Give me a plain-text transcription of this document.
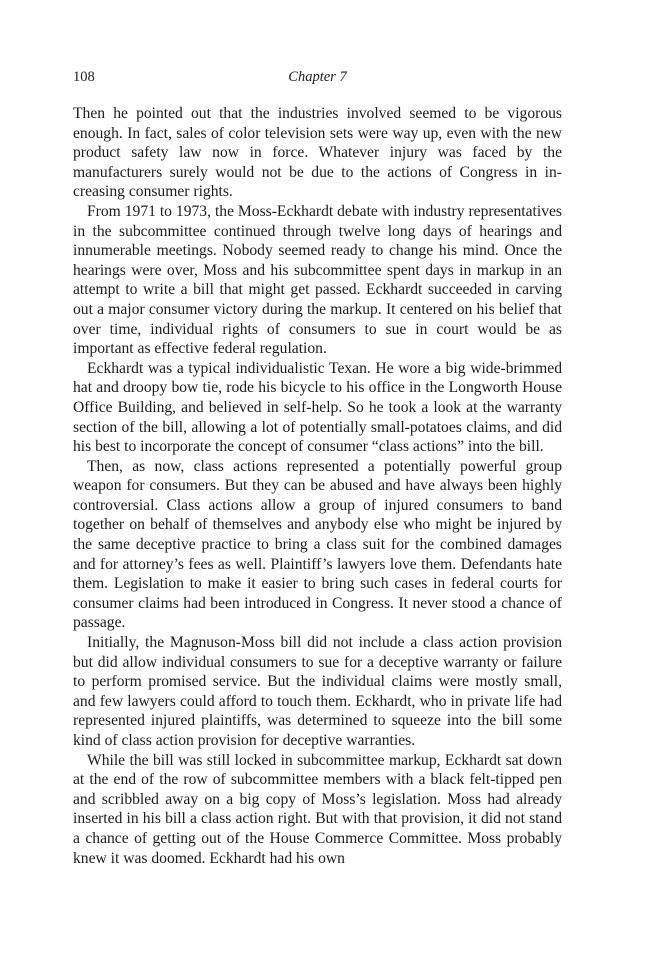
108	Chapter 7

Then he pointed out that the industries involved seemed to be vigorous enough. In fact, sales of color television sets were way up, even with the new product safety law now in force. Whatever injury was faced by the manufacturers surely would not be due to the actions of Congress in increasing consumer rights.

From 1971 to 1973, the Moss-Eckhardt debate with industry representatives in the subcommittee continued through twelve long days of hearings and innumerable meetings. Nobody seemed ready to change his mind. Once the hearings were over, Moss and his subcommittee spent days in markup in an attempt to write a bill that might get passed. Eckhardt succeeded in carving out a major consumer victory during the markup. It centered on his belief that over time, individual rights of consumers to sue in court would be as important as effective federal regulation.

Eckhardt was a typical individualistic Texan. He wore a big wide-brimmed hat and droopy bow tie, rode his bicycle to his office in the Longworth House Office Building, and believed in self-help. So he took a look at the warranty section of the bill, allowing a lot of potentially small-potatoes claims, and did his best to incorporate the concept of consumer “class actions” into the bill.

Then, as now, class actions represented a potentially powerful group weapon for consumers. But they can be abused and have always been highly controversial. Class actions allow a group of injured consumers to band together on behalf of themselves and anybody else who might be injured by the same deceptive practice to bring a class suit for the combined damages and for attorney’s fees as well. Plaintiff’s lawyers love them. Defendants hate them. Legislation to make it easier to bring such cases in federal courts for consumer claims had been introduced in Congress. It never stood a chance of passage.

Initially, the Magnuson-Moss bill did not include a class action provision but did allow individual consumers to sue for a deceptive warranty or failure to perform promised service. But the individual claims were mostly small, and few lawyers could afford to touch them. Eckhardt, who in private life had represented injured plaintiffs, was determined to squeeze into the bill some kind of class action provision for deceptive warranties.

While the bill was still locked in subcommittee markup, Eckhardt sat down at the end of the row of subcommittee members with a black felt-tipped pen and scribbled away on a big copy of Moss’s legislation. Moss had already inserted in his bill a class action right. But with that provision, it did not stand a chance of getting out of the House Commerce Committee. Moss probably knew it was doomed. Eckhardt had his own
